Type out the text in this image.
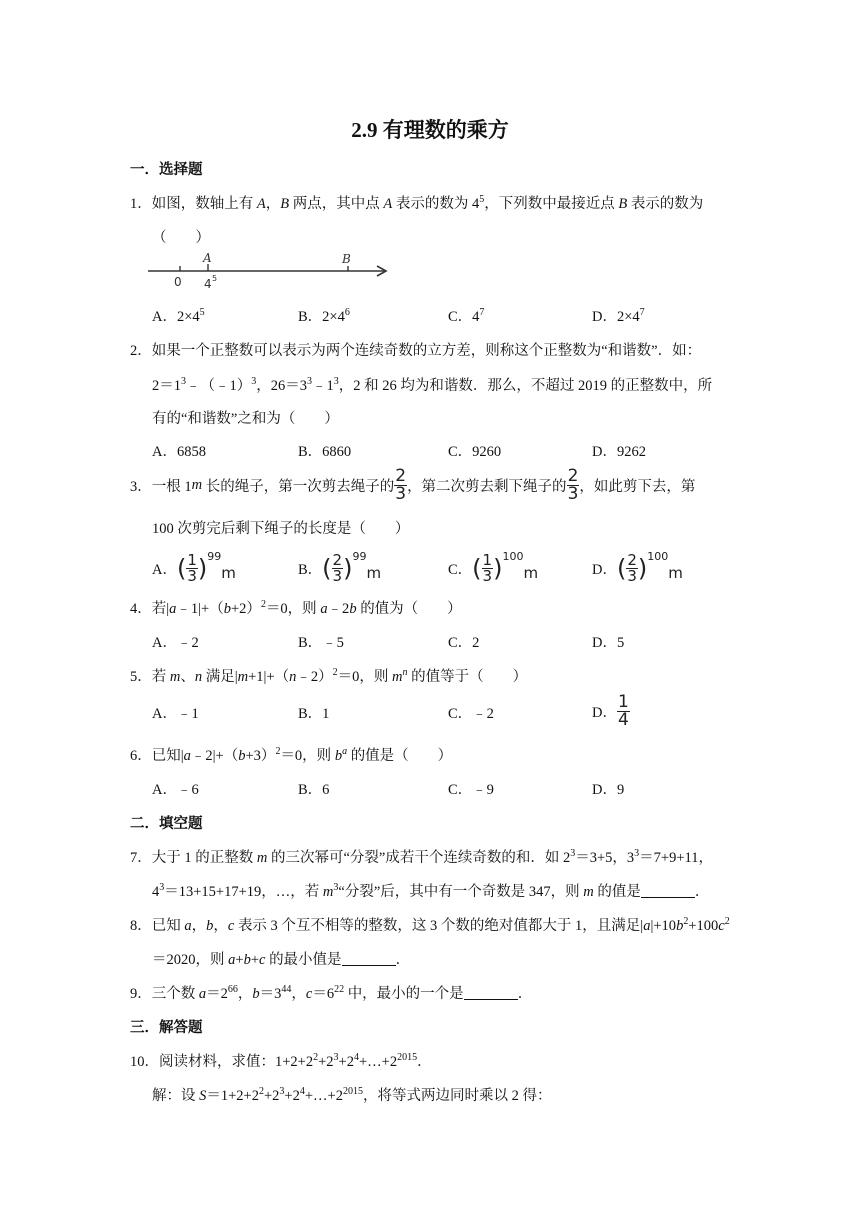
2.9 有理数的乘方
一．选择题
1．如图，数轴上有 A，B 两点，其中点 A 表示的数为 $4^5$，下列数中最接近点 B 表示的数为
（　　）
0
A
4 5
B
A．$2\times 4^5$	B．$2\times 4^6$	C．$4^7$	D．$2\times 4^7$
2．如果一个正整数可以表示为两个连续奇数的立方差，则称这个正整数为“和谐数”．如：
$2=1^3﹣(﹣1)^3$，$26=3^3﹣1^3$，2 和 26 均为和谐数．那么，不超过 2019 的正整数中，所
有的“和谐数”之和为（　　）
A．6858	B．6860	C．9260	D．9262
3．一根 1m 长的绳子，第一次剪去绳子的 $\frac{2}{3}$ ，第二次剪去剩下绳子的 $\frac{2}{3}$ ，如此剪下去，第
100 次剪完后剩下绳子的长度是（　　）
A．( $\frac{1}{3} )^{99}m$	B．( $\frac{2}{3} )^{99}m$	C．( $\frac{1}{3} )^{100}m$	D．( $\frac{2}{3} )^{100}m$
4．若$|a﹣1|+(b+2)^2=0$，则 a﹣2b 的值为（　　）
A．﹣2	B．﹣5	C．2	D．5
5．若 m、n 满足|m+1|+（n﹣2）$^2$＝0，则 $m^n$ 的值等于（　　）
A．﹣1	B．1	C．﹣2	D． $\frac{1}{4}$
6．已知$|a﹣2|+(b+3)^2=0$，则 $b^a$ 的值是（　　）
A．﹣6	B．6	C．﹣9	D．9
二．填空题
7．大于 1 的正整数 m 的三次幂可“分裂”成若干个连续奇数的和．如 $2^3=3+5$，$3^3=7+9+11$，
$4^3=13+15+17+19$，…，若 $m^3“$分裂”后，其中有一个奇数是 347，则 m 的值是	．
8．已知 a，b，c 表示 3 个互不相等的整数，这 3 个数的绝对值都大于 1，且满足$|a|+10b^2+100c^2$
＝2020，则 a+b+c 的最小值是	．
9．三个数 $a=2^{66}$，$b=3^{44}$，$c=6^{22}$ 中，最小的一个是	．
三．解答题
10．阅读材料，求值：$1+2+2^2+2^3+2^4+\dots+2^{2015}$．
解：设 $S=1+2+2^2+2^3+2^4+\dots+2^{2015}$，将等式两边同时乘以 2 得：
